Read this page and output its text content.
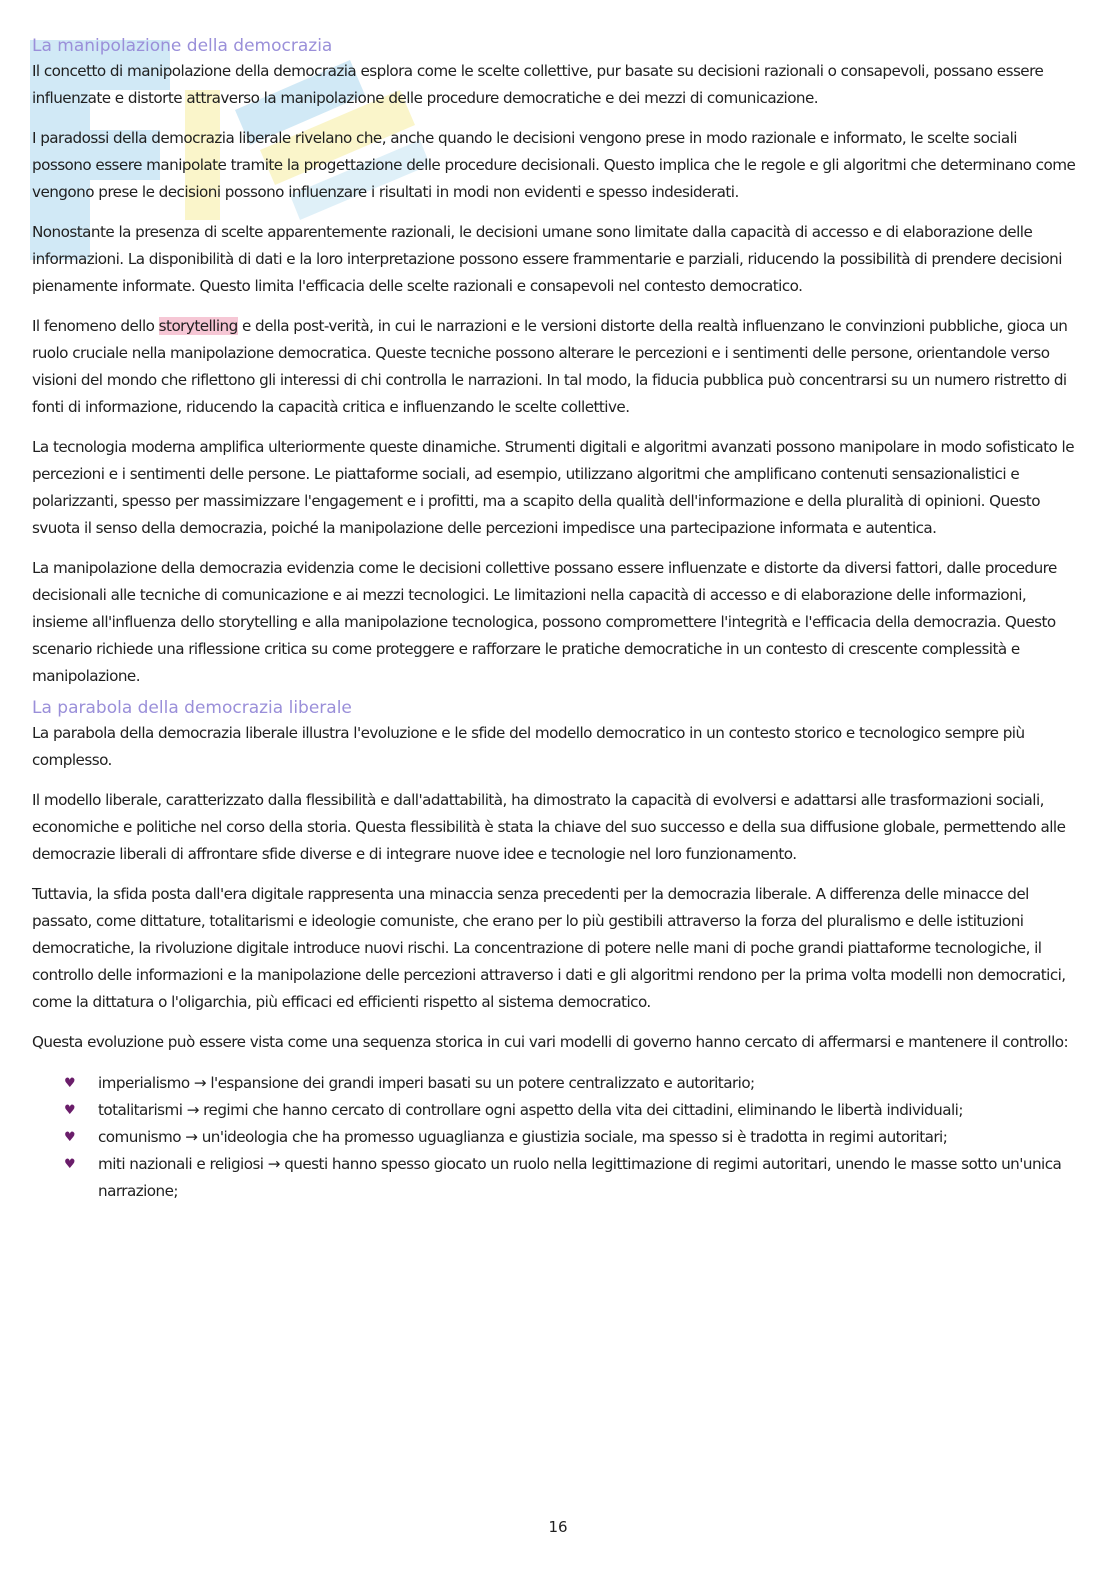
La manipolazione della democrazia

Il concetto di manipolazione della democrazia esplora come le scelte collettive, pur basate su decisioni razionali o consapevoli, possano essere influenzate e distorte attraverso la manipolazione delle procedure democratiche e dei mezzi di comunicazione.

I paradossi della democrazia liberale rivelano che, anche quando le decisioni vengono prese in modo razionale e informato, le scelte sociali possono essere manipolate tramite la progettazione delle procedure decisionali. Questo implica che le regole e gli algoritmi che determinano come vengono prese le decisioni possono influenzare i risultati in modi non evidenti e spesso indesiderati.

Nonostante la presenza di scelte apparentemente razionali, le decisioni umane sono limitate dalla capacità di accesso e di elaborazione delle informazioni. La disponibilità di dati e la loro interpretazione possono essere frammentarie e parziali, riducendo la possibilità di prendere decisioni pienamente informate. Questo limita l'efficacia delle scelte razionali e consapevoli nel contesto democratico.

Il fenomeno dello storytelling e della post-verità, in cui le narrazioni e le versioni distorte della realtà influenzano le convinzioni pubbliche, gioca un ruolo cruciale nella manipolazione democratica. Queste tecniche possono alterare le percezioni e i sentimenti delle persone, orientandole verso visioni del mondo che riflettono gli interessi di chi controlla le narrazioni. In tal modo, la fiducia pubblica può concentrarsi su un numero ristretto di fonti di informazione, riducendo la capacità critica e influenzando le scelte collettive.

La tecnologia moderna amplifica ulteriormente queste dinamiche. Strumenti digitali e algoritmi avanzati possono manipolare in modo sofisticato le percezioni e i sentimenti delle persone. Le piattaforme sociali, ad esempio, utilizzano algoritmi che amplificano contenuti sensazionalistici e polarizzanti, spesso per massimizzare l'engagement e i profitti, ma a scapito della qualità dell'informazione e della pluralità di opinioni. Questo svuota il senso della democrazia, poiché la manipolazione delle percezioni impedisce una partecipazione informata e autentica.

La manipolazione della democrazia evidenzia come le decisioni collettive possano essere influenzate e distorte da diversi fattori, dalle procedure decisionali alle tecniche di comunicazione e ai mezzi tecnologici. Le limitazioni nella capacità di accesso e di elaborazione delle informazioni, insieme all'influenza dello storytelling e alla manipolazione tecnologica, possono compromettere l'integrità e l'efficacia della democrazia. Questo scenario richiede una riflessione critica su come proteggere e rafforzare le pratiche democratiche in un contesto di crescente complessità e manipolazione.

La parabola della democrazia liberale

La parabola della democrazia liberale illustra l'evoluzione e le sfide del modello democratico in un contesto storico e tecnologico sempre più complesso.

Il modello liberale, caratterizzato dalla flessibilità e dall'adattabilità, ha dimostrato la capacità di evolversi e adattarsi alle trasformazioni sociali, economiche e politiche nel corso della storia. Questa flessibilità è stata la chiave del suo successo e della sua diffusione globale, permettendo alle democrazie liberali di affrontare sfide diverse e di integrare nuove idee e tecnologie nel loro funzionamento.

Tuttavia, la sfida posta dall'era digitale rappresenta una minaccia senza precedenti per la democrazia liberale. A differenza delle minacce del passato, come dittature, totalitarismi e ideologie comuniste, che erano per lo più gestibili attraverso la forza del pluralismo e delle istituzioni democratiche, la rivoluzione digitale introduce nuovi rischi. La concentrazione di potere nelle mani di poche grandi piattaforme tecnologiche, il controllo delle informazioni e la manipolazione delle percezioni attraverso i dati e gli algoritmi rendono per la prima volta modelli non democratici, come la dittatura o l'oligarchia, più efficaci ed efficienti rispetto al sistema democratico.

Questa evoluzione può essere vista come una sequenza storica in cui vari modelli di governo hanno cercato di affermarsi e mantenere il controllo:

♥ imperialismo → l'espansione dei grandi imperi basati su un potere centralizzato e autoritario;
♥ totalitarismi → regimi che hanno cercato di controllare ogni aspetto della vita dei cittadini, eliminando le libertà individuali;
♥ comunismo → un'ideologia che ha promesso uguaglianza e giustizia sociale, ma spesso si è tradotta in regimi autoritari;
♥ miti nazionali e religiosi → questi hanno spesso giocato un ruolo nella legittimazione di regimi autoritari, unendo le masse sotto un'unica narrazione;
16
